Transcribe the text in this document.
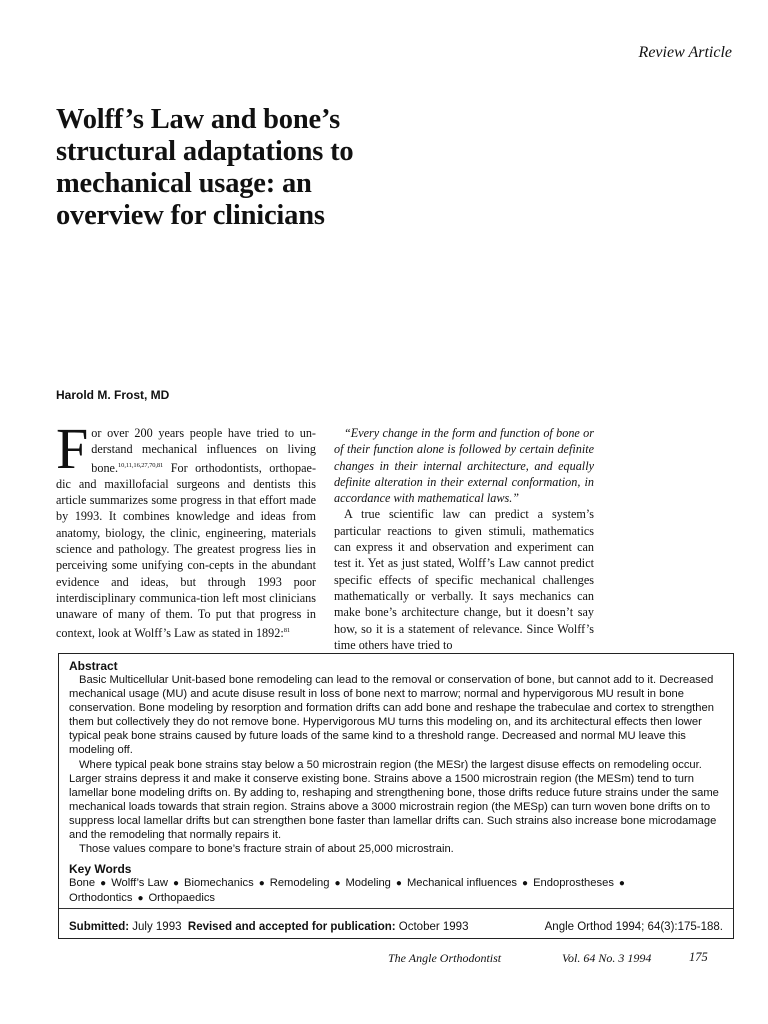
Review Article
Wolff’s Law and bone’s
structural adaptations to
mechanical usage: an
overview for clinicians
Harold M. Frost, MD

For over 200 years people have tried to un-derstand mechanical influences on living bone.$^{10,11,16,27,70,81}$ For orthodontists, orthopae-dic and maxillofacial surgeons and dentists this article summarizes some progress in that effort made by 1993. It combines knowledge and ideas from anatomy, biology, the clinic, engineering, materials science and pathology. The greatest progress lies in perceiving some unifying con-cepts in the abundant evidence and ideas, but through 1993 poor interdisciplinary communica-tion left most clinicians unaware of many of them. To put that progress in context, look at Wolff’s Law as stated in 1892:$^{81}$

“Every change in the form and function of bone or of their function alone is followed by certain definite changes in their internal architecture, and equally definite alteration in their external conformation, in accordance with mathematical laws.”

A true scientific law can predict a system’s particular reactions to given stimuli, mathematics can express it and observation and experiment can test it. Yet as just stated, Wolff’s Law cannot predict specific effects of specific mechanical challenges mathematically or verbally. It says mechanics can make bone’s architecture change, but it doesn’t say how, so it is a statement of relevance. Since Wolff’s time others have tried to

Abstract

Basic Multicellular Unit-based bone remodeling can lead to the removal or conservation of bone, but cannot add to it. Decreased mechanical usage (MU) and acute disuse result in loss of bone next to marrow; normal and hypervigorous MU result in bone conservation. Bone modeling by resorption and formation drifts can add bone and reshape the trabeculae and cortex to strengthen them but collectively they do not remove bone. Hypervigorous MU turns this modeling on, and its architectural effects then lower typical peak bone strains caused by future loads of the same kind to a threshold range. Decreased and normal MU leave this modeling off.

Where typical peak bone strains stay below a 50 microstrain region (the MESr) the largest disuse effects on remodeling occur. Larger strains depress it and make it conserve existing bone. Strains above a 1500 microstrain region (the MESm) tend to turn lamellar bone modeling drifts on. By adding to, reshaping and strengthening bone, those drifts reduce future strains under the same mechanical loads towards that strain region. Strains above a 3000 microstrain region (the MESp) can turn woven bone drifts on to suppress local lamellar drifts but can strengthen bone faster than lamellar drifts can. Such strains also increase bone microdamage and the remodeling that normally repairs it.

Those values compare to bone’s fracture strain of about 25,000 microstrain.

Key Words

Bone ● Wolff’s Law ● Biomechanics ● Remodeling ● Modeling ● Mechanical influences ● Endoprostheses ●
Orthodontics ● Orthopaedics

Submitted:
July 1993
Revised and accepted for publication:
October 1993	Angle Orthod 1994; 64(3):175-188.
The Angle Orthodontist	Vol. 64 No. 3 1994	175
